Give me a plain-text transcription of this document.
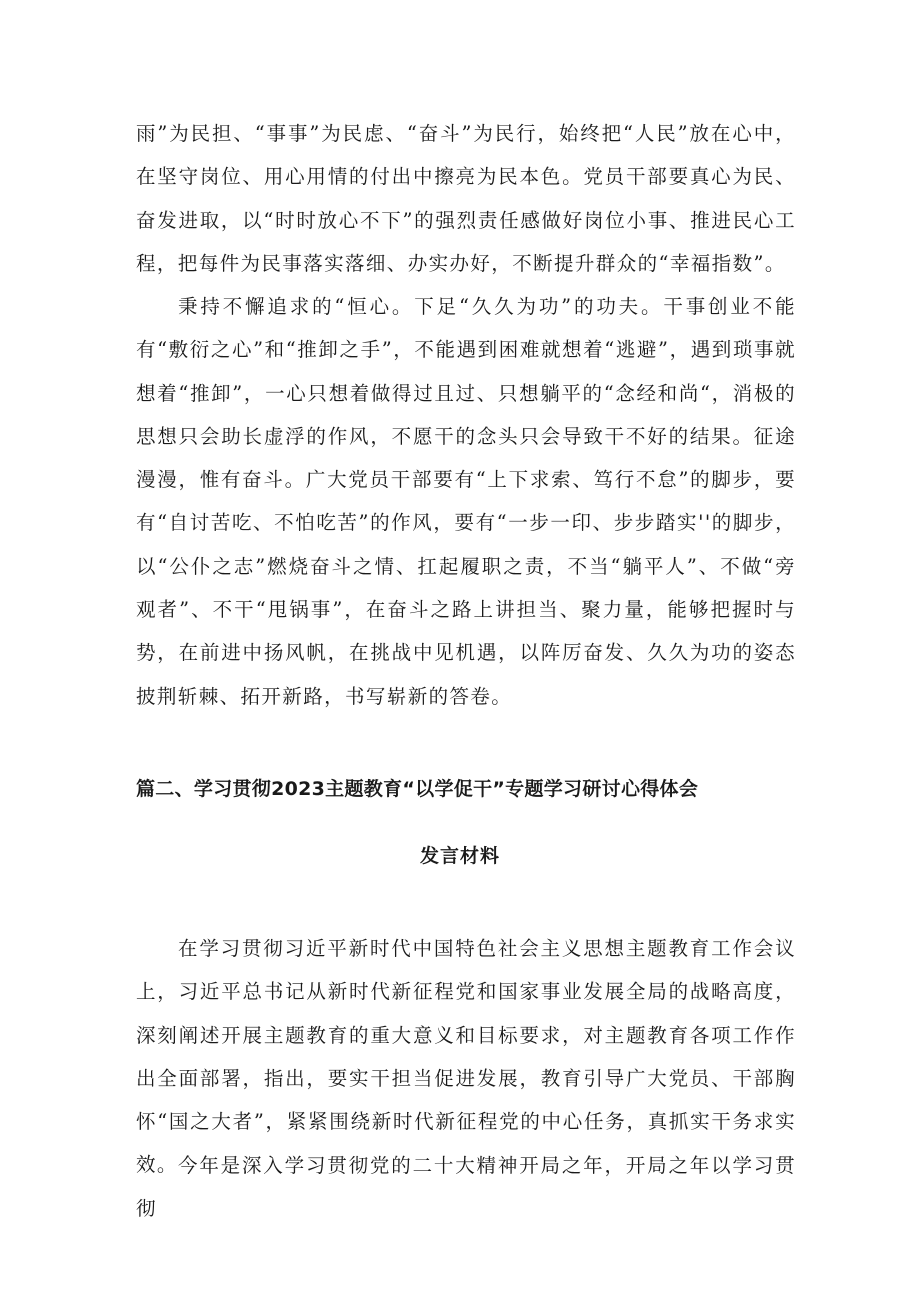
雨”为民担、“事事”为民虑、“奋斗”为民行，始终把“人民”放在心中，在坚守岗位、用心用情的付出中擦亮为民本色。党员干部要真心为民、奋发进取，以“时时放心不下”的强烈责任感做好岗位小事、推进民心工程，把每件为民事落实落细、办实办好，不断提升群众的“幸福指数”。

秉持不懈追求的“恒心。下足“久久为功”的功夫。干事创业不能有“敷衍之心”和“推卸之手”，不能遇到困难就想着“逃避”，遇到琐事就想着“推卸”，一心只想着做得过且过、只想躺平的“念经和尚“，消极的思想只会助长虚浮的作风，不愿干的念头只会导致干不好的结果。征途漫漫，惟有奋斗。广大党员干部要有“上下求索、笃行不怠”的脚步，要有“自讨苦吃、不怕吃苦”的作风，要有“一步一印、步步踏实''的脚步，以“公仆之志”燃烧奋斗之情、扛起履职之责，不当“躺平人”、不做“旁观者”、不干“甩锅事”，在奋斗之路上讲担当、聚力量，能够把握时与势，在前进中扬风帆，在挑战中见机遇，以阵厉奋发、久久为功的姿态披荆斩棘、拓开新路，书写崭新的答卷。

篇二、学习贯彻2023主题教育“以学促干”专题学习研讨心得体会
发言材料

在学习贯彻习近平新时代中国特色社会主义思想主题教育工作会议上，习近平总书记从新时代新征程党和国家事业发展全局的战略高度，深刻阐述开展主题教育的重大意义和目标要求，对主题教育各项工作作出全面部署，指出，要实干担当促进发展，教育引导广大党员、干部胸怀“国之大者”，紧紧围绕新时代新征程党的中心任务，真抓实干务求实效。 今年是深入学习贯彻党的二十大精神开局之年，开局之年以学习贯彻
